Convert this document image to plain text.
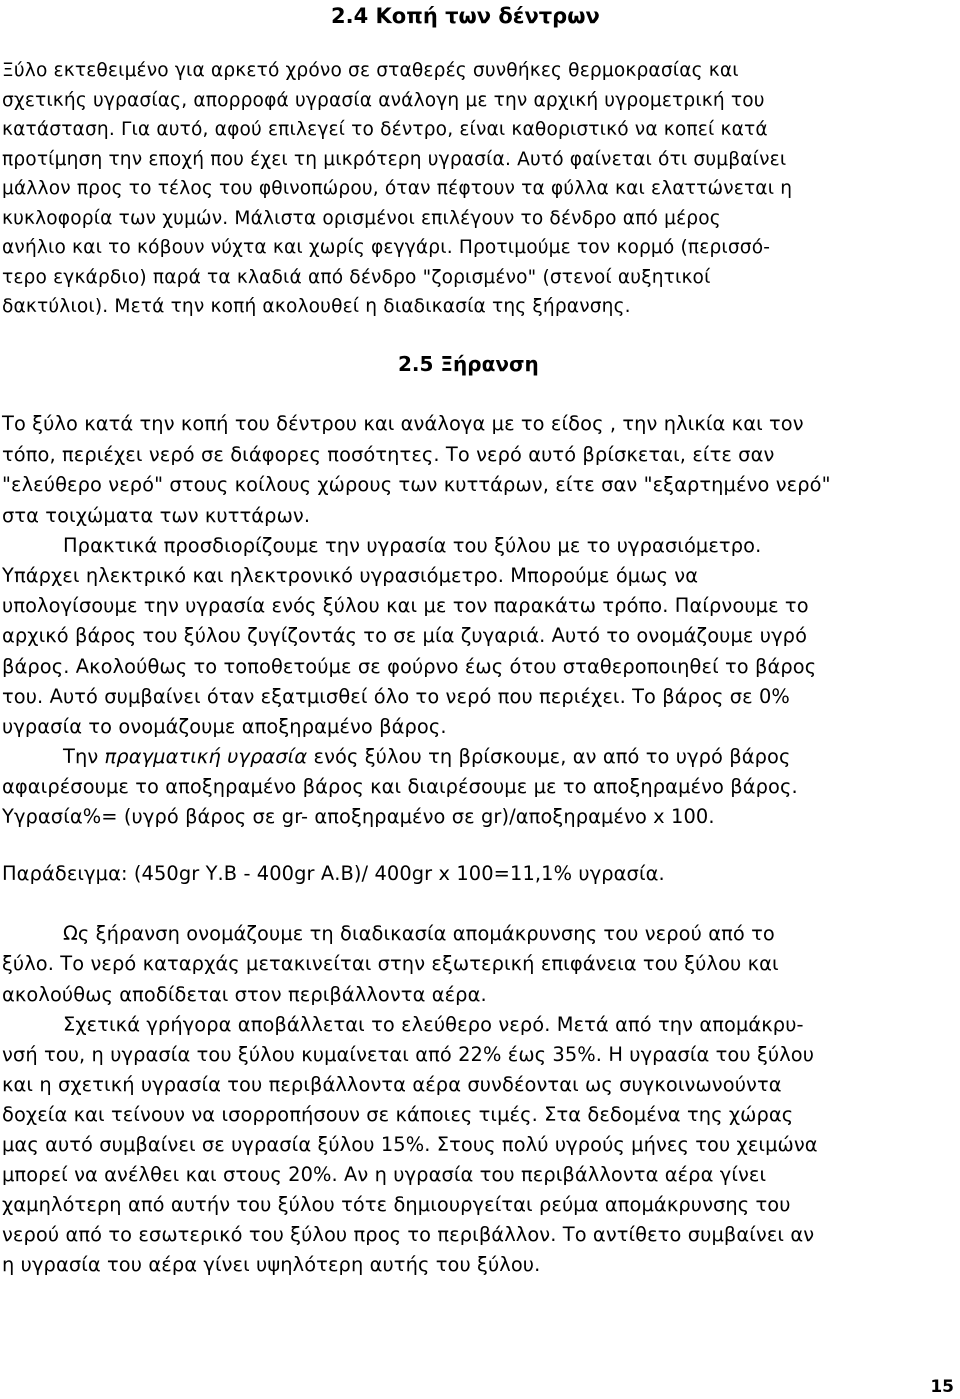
2.4 Κοπή των δέντρων
Ξύλο εκτεθειμένο για αρκετό χρόνο σε σταθερές συνθήκες θερμοκρασίας και
σχετικής υγρασίας, απορροφά υγρασία ανάλογη με την αρχική υγρομετρική του
κατάσταση. Για αυτό, αφού επιλεγεί το δέντρο, είναι καθοριστικό να κοπεί κατά
προτίμηση την εποχή που έχει τη μικρότερη υγρασία. Αυτό φαίνεται ότι συμβαίνει
μάλλον προς το τέλος του φθινοπώρου, όταν πέφτουν τα φύλλα και ελαττώνεται η
κυκλοφορία των χυμών. Μάλιστα ορισμένοι επιλέγουν το δένδρο από μέρος
ανήλιο και το κόβουν νύχτα και χωρίς φεγγάρι. Προτιμούμε τον κορμό (περισσό-
τερο εγκάρδιο) παρά τα κλαδιά από δένδρο "ζορισμένο" (στενοί αυξητικοί
δακτύλιοι). Μετά την κοπή ακολουθεί η διαδικασία της ξήρανσης.
2.5 Ξήρανση
Το ξύλο κατά την κοπή του δέντρου και ανάλογα με το είδος , την ηλικία και τον
τόπο, περιέχει νερό σε διάφορες ποσότητες. Το νερό αυτό βρίσκεται, είτε σαν
"ελεύθερο νερό" στους κοίλους χώρους των κυττάρων, είτε σαν "εξαρτημένο νερό"
στα τοιχώματα των κυττάρων.
Πρακτικά προσδιορίζουμε την υγρασία του ξύλου με το υγρασιόμετρο.
Υπάρχει ηλεκτρικό και ηλεκτρονικό υγρασιόμετρο. Μπορούμε όμως να
υπολογίσουμε την υγρασία ενός ξύλου και με τον παρακάτω τρόπο. Παίρνουμε το
αρχικό βάρος του ξύλου ζυγίζοντάς το σε μία ζυγαριά. Αυτό το ονομάζουμε υγρό
βάρος. Ακολούθως το τοποθετούμε σε φούρνο έως ότου σταθεροποιηθεί το βάρος
του. Αυτό συμβαίνει όταν εξατμισθεί όλο το νερό που περιέχει. Το βάρος σε 0%
υγρασία το ονομάζουμε αποξηραμένο βάρος.
Την πραγματική υγρασία ενός ξύλου τη βρίσκουμε, αν από το υγρό βάρος
αφαιρέσουμε το αποξηραμένο βάρος και διαιρέσουμε με το αποξηραμένο βάρος.
Υγρασία%= (υγρό βάρος σε gr- αποξηραμένο σε gr)/αποξηραμένο x 100.
Παράδειγμα: (450gr Υ.Β - 400gr Α.Β)/ 400gr x 100=11,1% υγρασία.
Ως ξήρανση ονομάζουμε τη διαδικασία απομάκρυνσης του νερού από το
ξύλο. Το νερό καταρχάς μετακινείται στην εξωτερική επιφάνεια του ξύλου και
ακολούθως αποδίδεται στον περιβάλλοντα αέρα.
Σχετικά γρήγορα αποβάλλεται το ελεύθερο νερό. Μετά από την απομάκρυ-
νσή του, η υγρασία του ξύλου κυμαίνεται από 22% έως 35%. Η υγρασία του ξύλου
και η σχετική υγρασία του περιβάλλοντα αέρα συνδέονται ως συγκοινωνούντα
δοχεία και τείνουν να ισορροπήσουν σε κάποιες τιμές. Στα δεδομένα της χώρας
μας αυτό συμβαίνει σε υγρασία ξύλου 15%. Στους πολύ υγρούς μήνες του χειμώνα
μπορεί να ανέλθει και στους 20%. Αν η υγρασία του περιβάλλοντα αέρα γίνει
χαμηλότερη από αυτήν του ξύλου τότε δημιουργείται ρεύμα απομάκρυνσης του
νερού από το εσωτερικό του ξύλου προς το περιβάλλον. Το αντίθετο συμβαίνει αν
η υγρασία του αέρα γίνει υψηλότερη αυτής του ξύλου.
15
